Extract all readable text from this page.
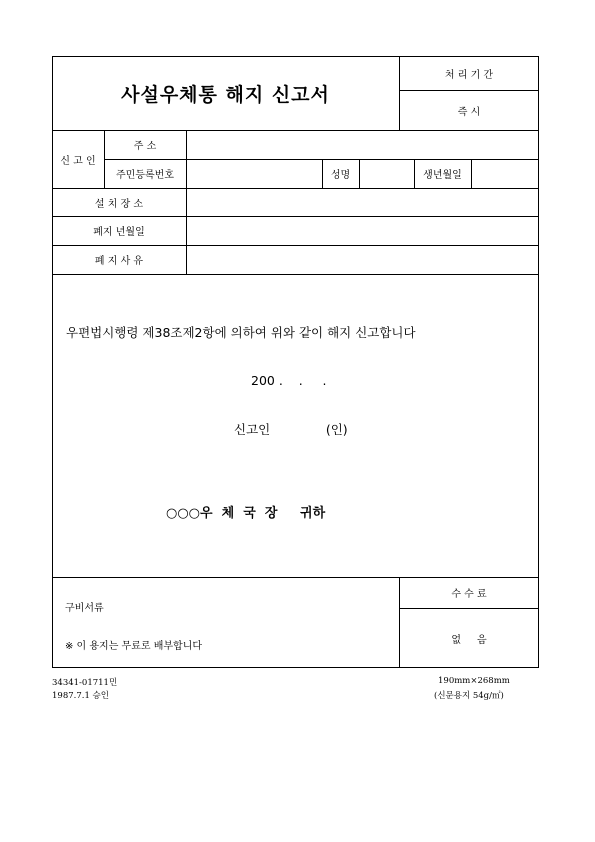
사설우체통 해지 신고서
처 리 기 간
즉 시
신 고 인
주 소
주민등록번호	성명	생년월일
설 치 장 소
폐지 년월일
폐 지 사 유
우편법시행령 제38조제2항에 의하여 위와 같이 해지 신고합니다
200 .    .     .
신고인              (인)
○○○우  체  국  장     귀하
구비서류
※ 이 용지는 무료로 배부합니다
수 수 료
없     음
34341-01711민
1987.7.1 승인
190mm×268mm
(신문용지 54g/㎡)
